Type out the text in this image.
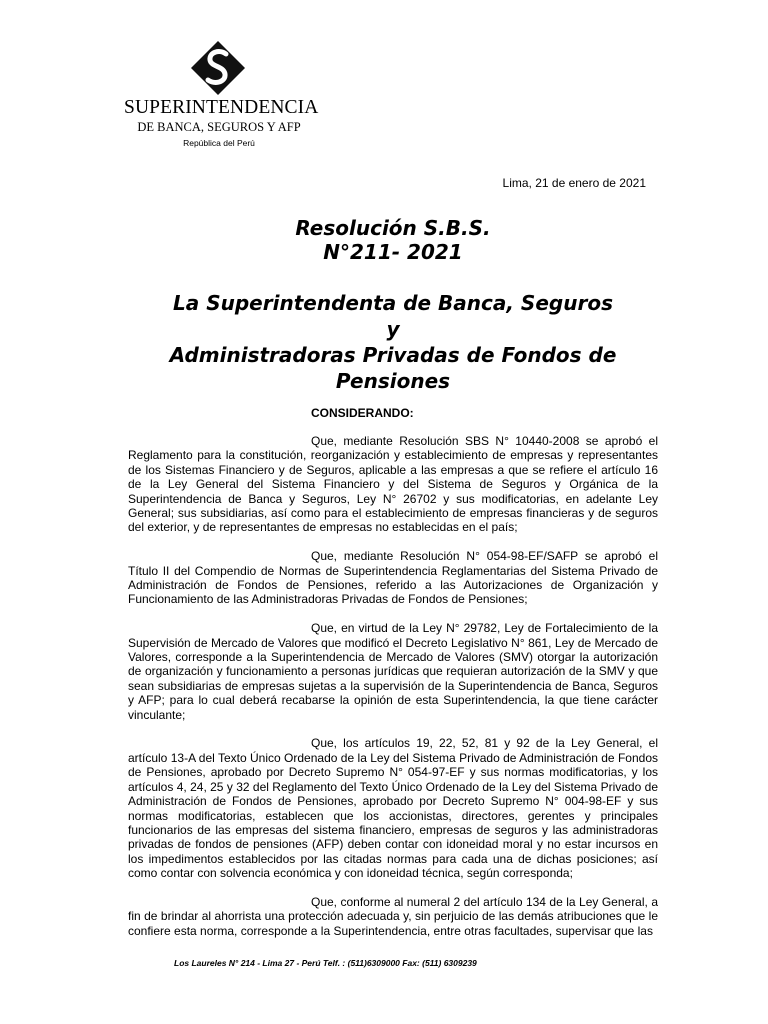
SUPERINTENDENCIA
DE BANCA, SEGUROS Y AFP
República del Perú
Lima, 21 de enero de 2021
Resolución S.B.S.
N°211- 2021
La Superintendenta de Banca, Seguros
y
Administradoras Privadas de Fondos de
Pensiones
CONSIDERANDO:

Que, mediante Resolución SBS N° 10440-2008 se aprobó el Reglamento para la constitución, reorganización y establecimiento de empresas y representantes de los Sistemas Financiero y de Seguros, aplicable a las empresas a que se refiere el artículo 16 de la Ley General del Sistema Financiero y del Sistema de Seguros y Orgánica de la Superintendencia de Banca y Seguros, Ley N° 26702 y sus modificatorias, en adelante Ley General; sus subsidiarias, así como para el establecimiento de empresas financieras y de seguros del exterior, y de representantes de empresas no establecidas en el país;

Que, mediante Resolución N° 054-98-EF/SAFP se aprobó el Título II del Compendio de Normas de Superintendencia Reglamentarias del Sistema Privado de Administración de Fondos de Pensiones, referido a las Autorizaciones de Organización y Funcionamiento de las Administradoras Privadas de Fondos de Pensiones;

Que, en virtud de la Ley N° 29782, Ley de Fortalecimiento de la Supervisión de Mercado de Valores que modificó el Decreto Legislativo N° 861, Ley de Mercado de Valores, corresponde a la Superintendencia de Mercado de Valores (SMV) otorgar la autorización de organización y funcionamiento a personas jurídicas que requieran autorización de la SMV y que sean subsidiarias de empresas sujetas a la supervisión de la Superintendencia de Banca, Seguros y AFP; para lo cual deberá recabarse la opinión de esta Superintendencia, la que tiene carácter vinculante;

Que, los artículos 19, 22, 52, 81 y 92 de la Ley General, el artículo 13-A del Texto Único Ordenado de la Ley del Sistema Privado de Administración de Fondos de Pensiones, aprobado por Decreto Supremo N° 054-97-EF y sus normas modificatorias, y los artículos 4, 24, 25 y 32 del Reglamento del Texto Único Ordenado de la Ley del Sistema Privado de Administración de Fondos de Pensiones, aprobado por Decreto Supremo N° 004-98-EF y sus normas modificatorias, establecen que los accionistas, directores, gerentes y principales funcionarios de las empresas del sistema financiero, empresas de seguros y las administradoras privadas de fondos de pensiones (AFP) deben contar con idoneidad moral y no estar incursos en los impedimentos establecidos por las citadas normas para cada una de dichas posiciones; así como contar con solvencia económica y con idoneidad técnica, según corresponda;

Que, conforme al numeral 2 del artículo 134 de la Ley General, a fin de brindar al ahorrista una protección adecuada y, sin perjuicio de las demás atribuciones que le confiere esta norma, corresponde a la Superintendencia, entre otras facultades, supervisar que las

Los Laureles N° 214 - Lima 27 - Perú Telf. : (511)6309000 Fax: (511) 6309239
